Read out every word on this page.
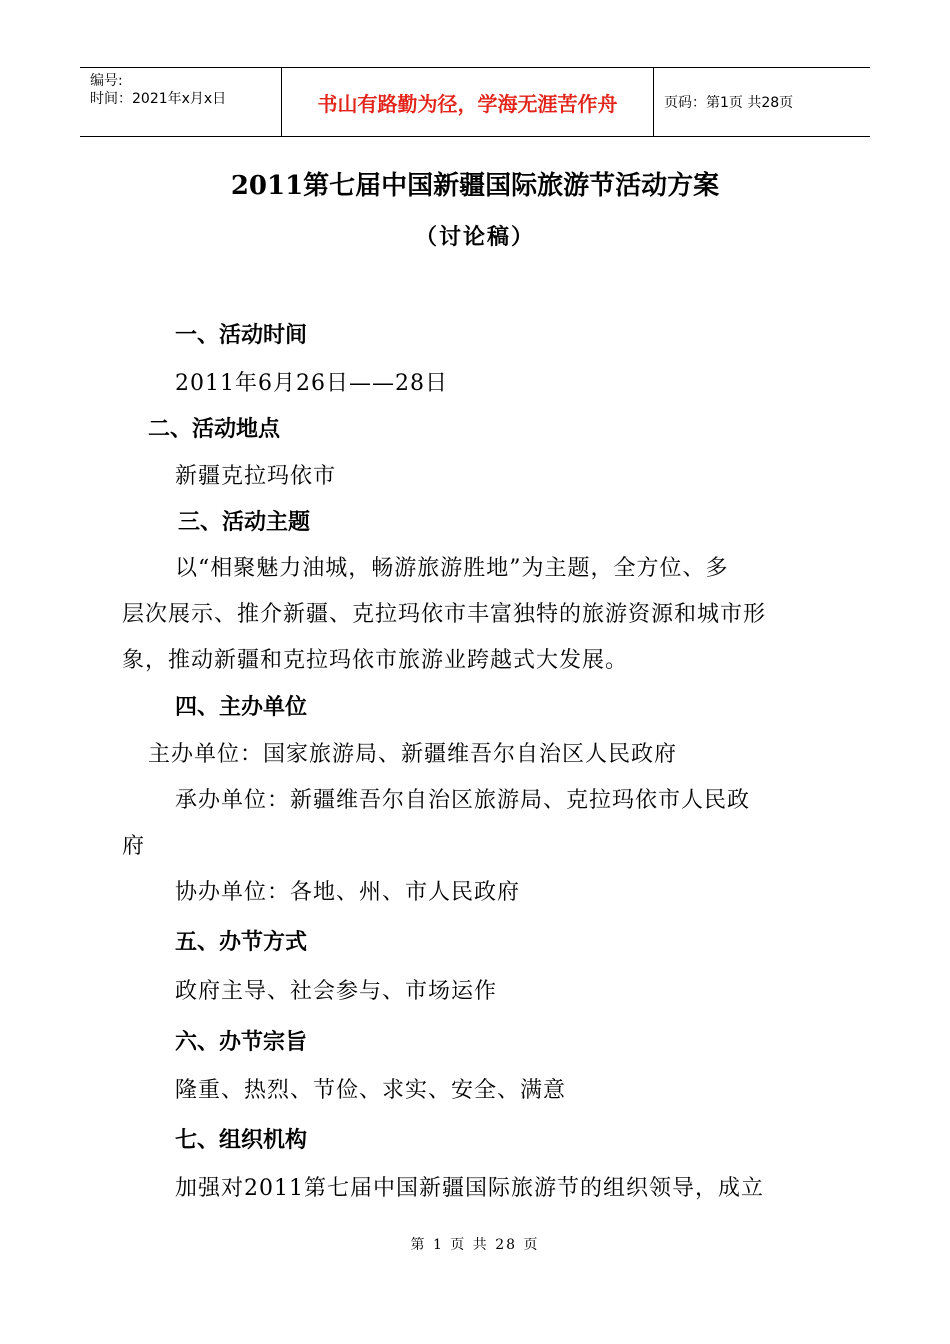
编号:
时间：2021年x月x日	书山有路勤为径，学海无涯苦作舟	页码：第1页 共28页
2011第七届中国新疆国际旅游节活动方案
（讨论稿）
一、活动时间
2011年6月26日——28日
二、活动地点
新疆克拉玛依市
三、活动主题
以“相聚魅力油城，畅游旅游胜地”为主题，全方位、多
层次展示、推介新疆、克拉玛依市丰富独特的旅游资源和城市形
象，推动新疆和克拉玛依市旅游业跨越式大发展。
四、主办单位
主办单位：国家旅游局、新疆维吾尔自治区人民政府
承办单位：新疆维吾尔自治区旅游局、克拉玛依市人民政
府
协办单位：各地、州、市人民政府
五、办节方式
政府主导、社会参与、市场运作
六、办节宗旨
隆重、热烈、节俭、求实、安全、满意
七、组织机构
加强对2011第七届中国新疆国际旅游节的组织领导，成立
第 1 页 共 28 页
